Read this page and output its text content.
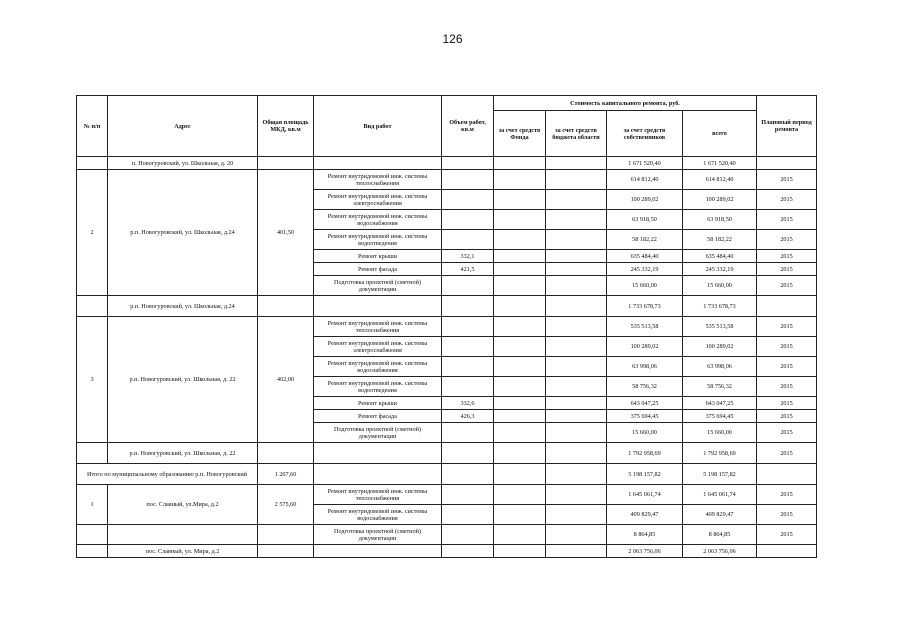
126
№ п/п	Адрес	Общая площадь МКД, кв.м	Вид работ	Объем работ, кв.м	Стоимость капитального ремонта, руб.				Плановый период ремонта
					за счет средств Фонда	за счет средств бюджета области	за счет средств собственников	всего	
	п. Новогуровский, ул. Школьная, д. 20						1 671 520,40	1 671 520,40	
2	р.п. Новогуровский, ул. Школьная, д.24	401,50	Ремонт внутридомовой инж. системы теплоснабжения				614 812,40	614 812,40	2015
			Ремонт внутридомовой инж. системы электроснабжения				100 289,02	100 289,02	2015
			Ремонт внутридомовой инж. системы водоснабжения				63 918,50	63 918,50	2015
			Ремонт внутридомовой инж. системы водоотведения				58 182,22	58 182,22	2015
			Ремонт крыши	332,1			635 484,40	635 484,40	2015
			Ремонт фасада	421,5			245 332,19	245 332,19	2015
			Подготовка проектной (сметной) документации				15 660,00	15 660,00	2015
	р.п. Новогуровский, ул. Школьная, д.24						1 733 678,73	1 733 678,73	
3	р.п. Новогуровский, ул. Школьная, д. 22	402,00	Ремонт внутридомовой инж. системы теплоснабжения				535 513,58	535 513,58	2015
			Ремонт внутридомовой инж. системы электроснабжения				100 289,02	100 289,02	2015
			Ремонт внутридомовой инж. системы водоснабжения				63 998,06	63 998,06	2015
			Ремонт внутридомовой инж. системы водоотведения				58 756,32	58 756,32	2015
			Ремонт крыши	332,6			643 047,25	643 047,25	2015
			Ремонт фасада	426,3			375 694,45	375 694,45	2015
			Подготовка проектной (сметной) документации				15 660,00	15 660,00	2015
	р.п. Новогуровский, ул. Школьная, д. 22						1 792 958,69	1 792 958,69	2015
Итого по муниципальному образованию р.п. Новогуровский		1 207,60					5 198 157,82	5 198 157,82	
1	пос. Славный, ул.Мира, д.2	2 575,60	Ремонт внутридомовой инж. системы теплоснабжения				1 645 061,74	1 645 061,74	2015
			Ремонт внутридомовой инж. системы водоснабжения				409 829,47	409 829,47	2015
			Подготовка проектной (сметной) документации				8 864,85	8 864,85	2015
	пос. Славный, ул. Мира, д.2						2 063 756,06	2 063 756,06	
